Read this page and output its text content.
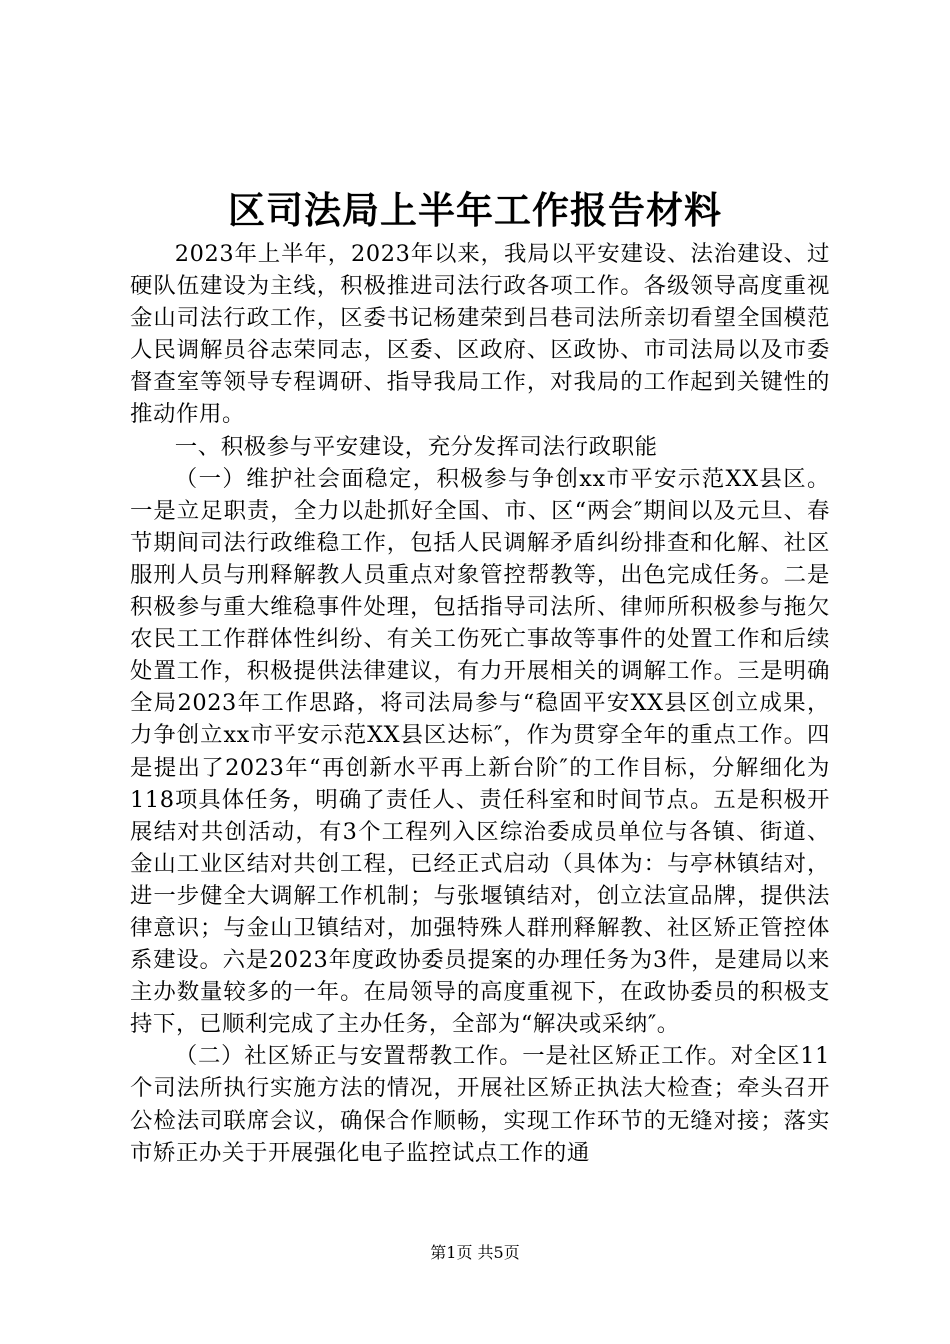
区司法局上半年工作报告材料

2023年上半年，2023年以来，我局以平安建设、法治建设、过硬队伍建设为主线，积极推进司法行政各项工作。各级领导高度重视金山司法行政工作，区委书记杨建荣到吕巷司法所亲切看望全国模范人民调解员谷志荣同志，区委、区政府、区政协、市司法局以及市委督查室等领导专程调研、指导我局工作，对我局的工作起到关键性的推动作用。

一、积极参与平安建设，充分发挥司法行政职能

（一）维护社会面稳定，积极参与争创xx市平安示范XX县区。一是立足职责，全力以赴抓好全国、市、区“两会″期间以及元旦、春节期间司法行政维稳工作，包括人民调解矛盾纠纷排查和化解、社区服刑人员与刑释解教人员重点对象管控帮教等，出色完成任务。二是积极参与重大维稳事件处理，包括指导司法所、律师所积极参与拖欠农民工工作群体性纠纷、有关工伤死亡事故等事件的处置工作和后续处置工作，积极提供法律建议，有力开展相关的调解工作。三是明确全局2023年工作思路，将司法局参与“稳固平安XX县区创立成果，力争创立xx市平安示范XX县区达标″，作为贯穿全年的重点工作。四是提出了2023年“再创新水平再上新台阶″的工作目标，分解细化为118项具体任务，明确了责任人、责任科室和时间节点。五是积极开展结对共创活动，有3个工程列入区综治委成员单位与各镇、街道、金山工业区结对共创工程，已经正式启动（具体为：与亭林镇结对，进一步健全大调解工作机制；与张堰镇结对，创立法宣品牌，提供法律意识；与金山卫镇结对，加强特殊人群刑释解教、社区矫正管控体系建设。六是2023年度政协委员提案的办理任务为3件，是建局以来主办数量较多的一年。在局领导的高度重视下，在政协委员的积极支持下，已顺利完成了主办任务，全部为“解决或采纳″。

（二）社区矫正与安置帮教工作。一是社区矫正工作。对全区11个司法所执行实施方法的情况，开展社区矫正执法大检查；牵头召开公检法司联席会议，确保合作顺畅，实现工作环节的无缝对接；落实市矫正办关于开展强化电子监控试点工作的通

第1页 共5页
